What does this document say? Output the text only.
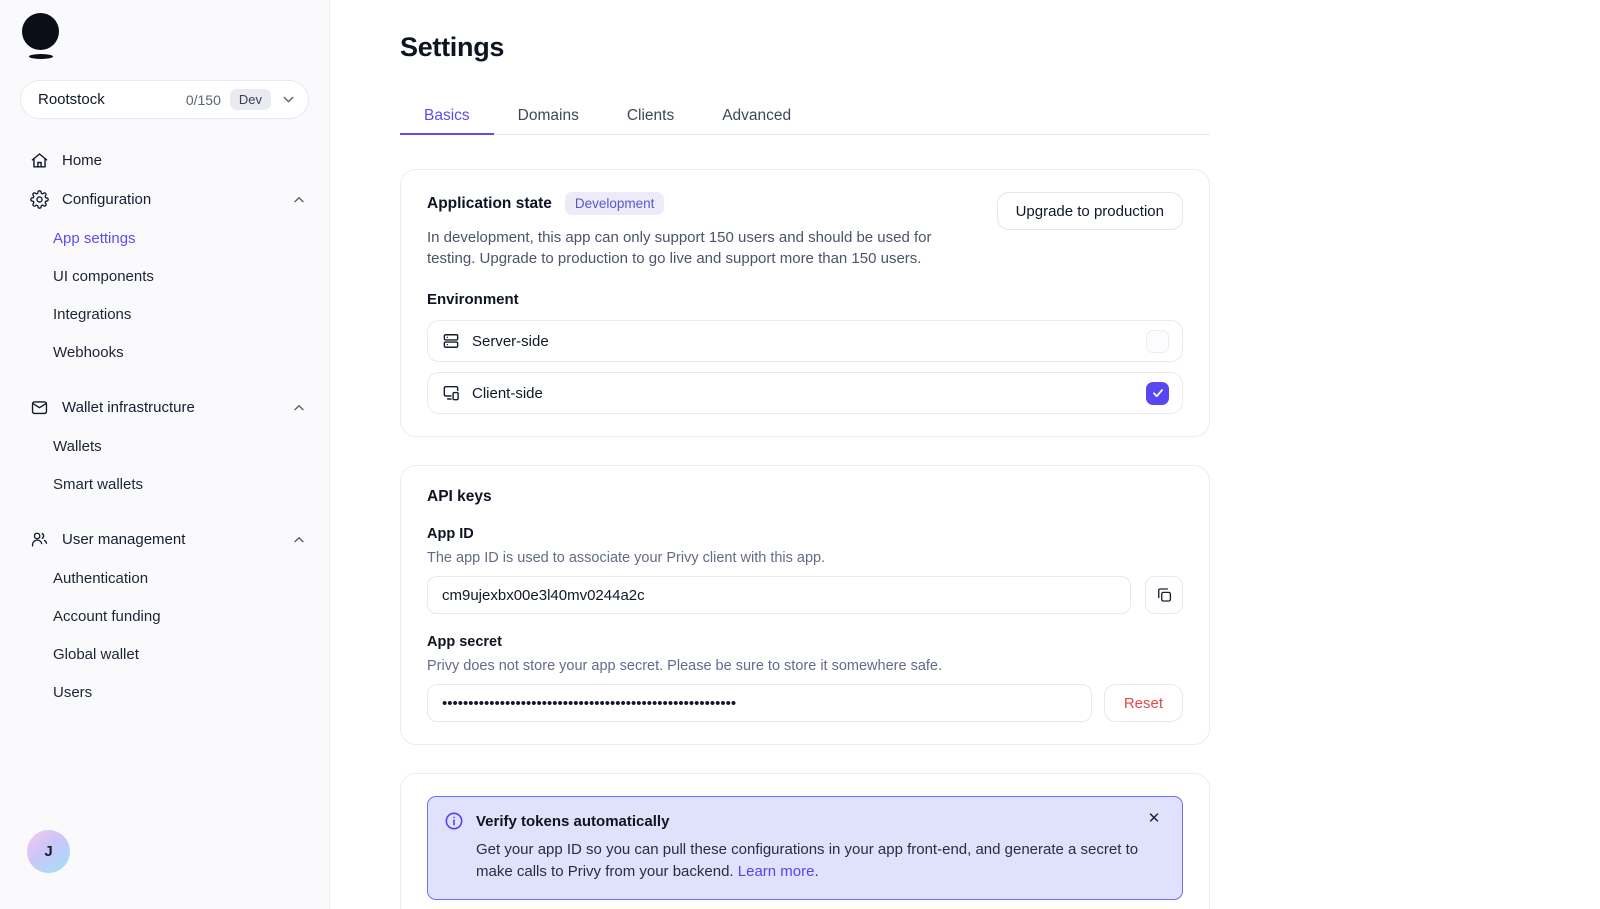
Rootstock	0/150	Dev
Home
Configuration
App settings
UI components
Integrations
Webhooks
Wallet infrastructure
Wallets
Smart wallets
User management
Authentication
Account funding
Global wallet
Users
J
Settings
Basics	Domains	Clients	Advanced
Application state	Development

In development, this app can only support 150 users and should be used for testing. Upgrade to production to go live and support more than 150 users.

Upgrade to production
Environment
Server-side
Client-side
API keys
App ID
The app ID is used to associate your Privy client with this app.
cm9ujexbx00e3l40mv0244a2c
App secret
Privy does not store your app secret. Please be sure to store it somewhere safe.
••••••••••••••••••••••••••••••••••••••••••••••••••••••••
Reset
Verify tokens automatically

Get your app ID so you can pull these configurations in your app front-end, and generate a secret to make calls to Privy from your backend. Learn more.

✕
